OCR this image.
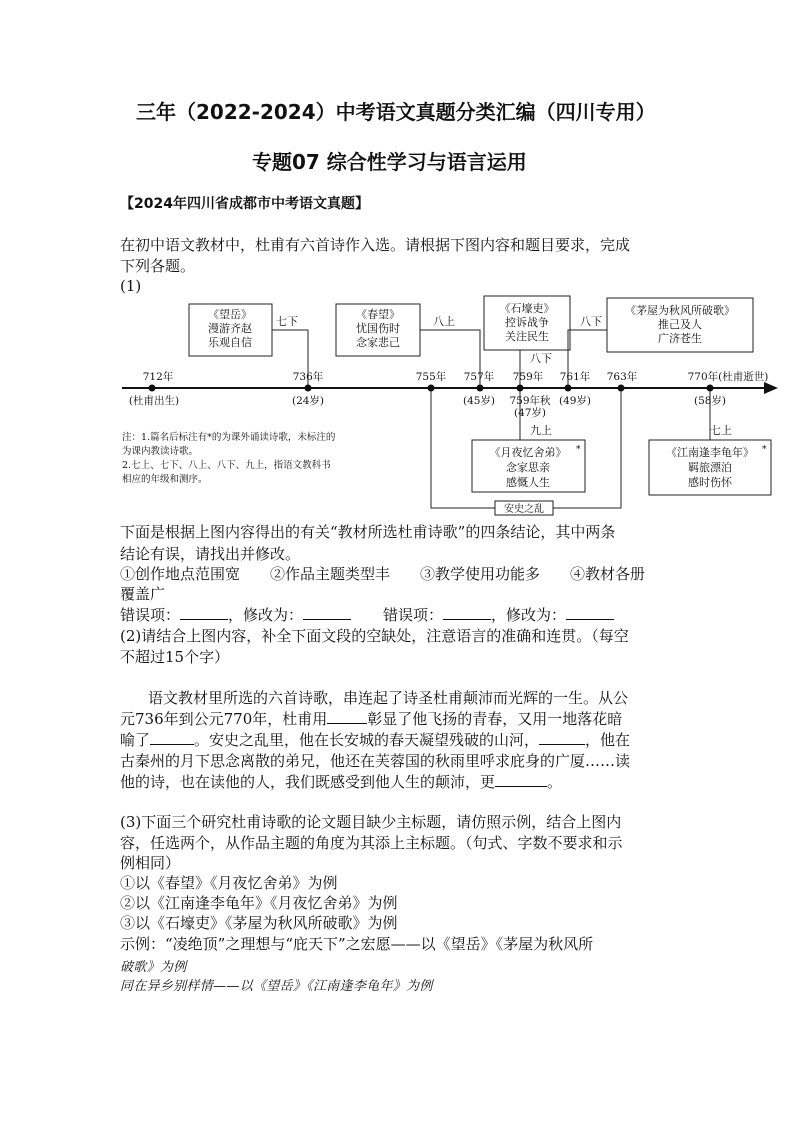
三年（2022-2024）中考语文真题分类汇编（四川专用）
专题07 综合性学习与语言运用
【2024年四川省成都市中考语文真题】
在初中语文教材中，杜甫有六首诗作入选。请根据下图内容和题目要求，完成
下列各题。
(1)
《望岳》
漫游齐赵
乐观自信
《春望》
忧国伤时
念家悲己
《石壕吏》
控诉战争
关注民生
《茅屋为秋风所破歌》
推己及人
广济苍生
《月夜忆舍弟》
念家思亲
感慨人生
《江南逢李龟年》
羁旅漂泊
感时伤怀
安史之乱
*	*
七下	八上
八下
八下
九上	七上
712年	736年	755年 757年 759年 761年 763年	770年(杜甫逝世)
(杜甫出生)	(24岁)	(45岁) 759年秋
(47岁)
(49岁)	(58岁)
注：1.篇名后标注有*的为课外诵读诗歌，未标注的
为课内教读诗歌。
2.七上、七下、八上、八下、九上，指语文教科书
相应的年级和测序。
下面是根据上图内容得出的有关“教材所选杜甫诗歌”的四条结论，其中两条
结论有误，请找出并修改。
①创作地点范围宽　　②作品主题类型丰　　③教学使用功能多　　④教材各册
覆盖广
错误项：	，修改为：	错误项：	，修改为：
(2)请结合上图内容，补全下面文段的空缺处，注意语言的准确和连贯。（每空
不超过15个字）
语文教材里所选的六首诗歌，串连起了诗圣杜甫颠沛而光辉的一生。从公
元736年到公元770年，杜甫用	彰显了他飞扬的青春，又用一地落花暗
喻了	。安史之乱里，他在长安城的春天凝望残破的山河，	，他在
古秦州的月下思念离散的弟兄，他还在芙蓉国的秋雨里呼求庇身的广厦……读
他的诗，也在读他的人，我们既感受到他人生的颠沛，更	。
(3)下面三个研究杜甫诗歌的论文题目缺少主标题，请仿照示例，结合上图内
容，任选两个，从作品主题的角度为其添上主标题。（句式、字数不要求和示
例相同）
①以《春望》《月夜忆舍弟》为例
②以《江南逢李龟年》《月夜忆舍弟》为例
③以《石壕吏》《茅屋为秋风所破歌》为例
示例：“凌绝顶”之理想与“庇天下”之宏愿——以《望岳》《茅屋为秋风所
破歌》为例
同在异乡别样情——以《望岳》《江南逢李龟年》为例
